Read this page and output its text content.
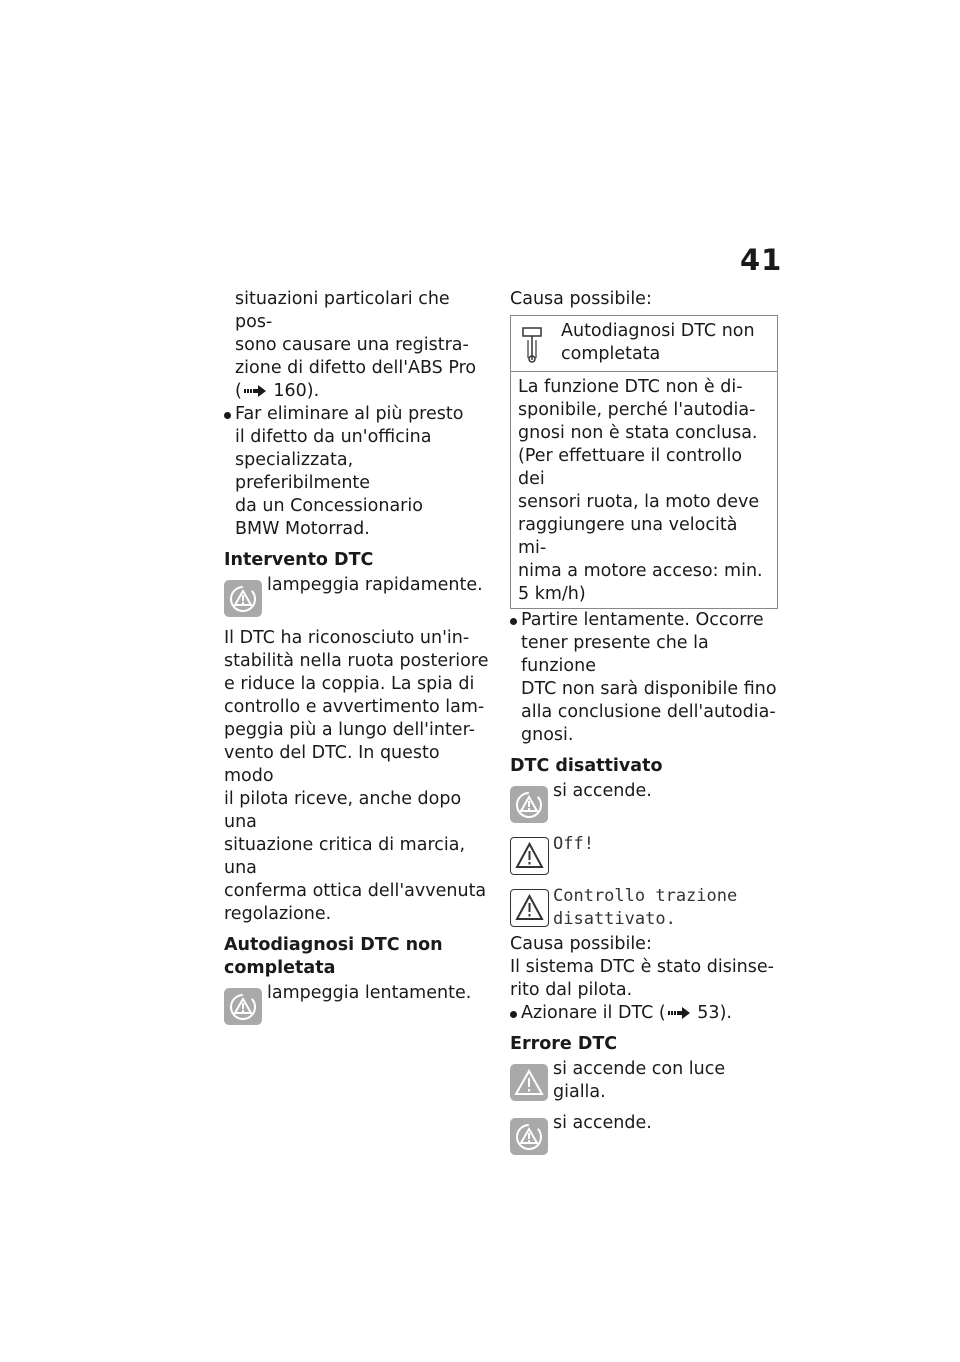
41

situazioni particolari che pos-

sono causare una registra-

zione di difetto dell'ABS Pro

( 160).

Far eliminare al più presto

il difetto da un'officina

specializzata, preferibilmente

da un Concessionario

BMW Motorrad.

Intervento DTC

lampeggia rapidamente.

Il DTC ha riconosciuto un'in-

stabilità nella ruota posteriore

e riduce la coppia. La spia di

controllo e avvertimento lam-

peggia più a lungo dell'inter-

vento del DTC. In questo modo

il pilota riceve, anche dopo una

situazione critica di marcia, una

conferma ottica dell'avvenuta

regolazione.

Autodiagnosi DTC non

completata

lampeggia lentamente.

Causa possibile:

Autodiagnosi DTC non

completata

La funzione DTC non è di-

sponibile, perché l'autodia-

gnosi non è stata conclusa.

(Per effettuare il controllo dei

sensori ruota, la moto deve

raggiungere una velocità mi-

nima a motore acceso: min.

5 km/h)

Partire lentamente. Occorre

tener presente che la funzione

DTC non sarà disponibile fino

alla conclusione dell'autodia-

gnosi.

DTC disattivato

si accende.

Off!

Controllo trazione

disattivato.

Causa possibile:

Il sistema DTC è stato disinse-

rito dal pilota.

Azionare il DTC ( 53).

Errore DTC

si accende con luce gialla.

si accende.
